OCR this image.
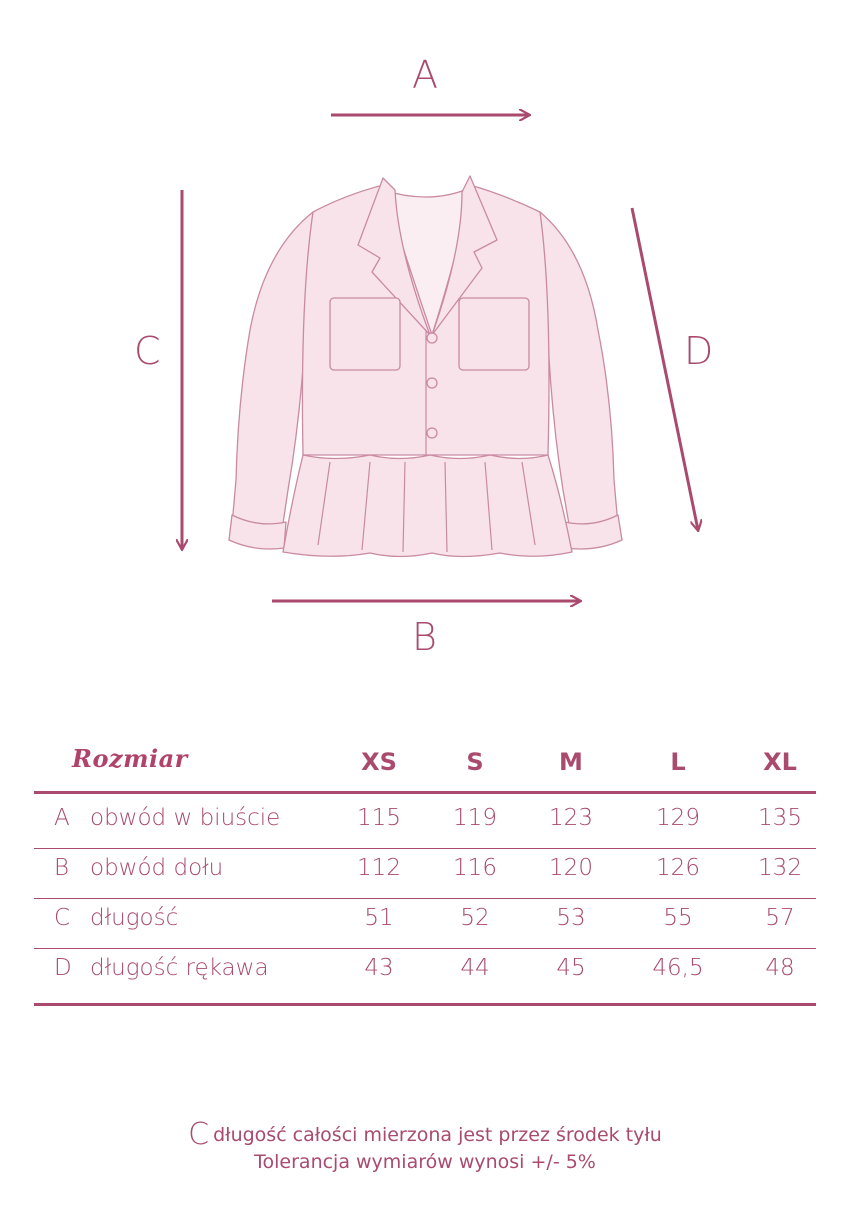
A
B
C	D
Rozmiar	XS	S	M	L	XL
A obwód w biuście	115	119	123	129	135
B obwód dołu	112	116	120	126	132
C długość	51	52	53	55	57
D długość rękawa	43	44	45	46,5	48
Cdługość całości mierzona jest przez środek tyłu
Tolerancja wymiarów wynosi +/- 5%
